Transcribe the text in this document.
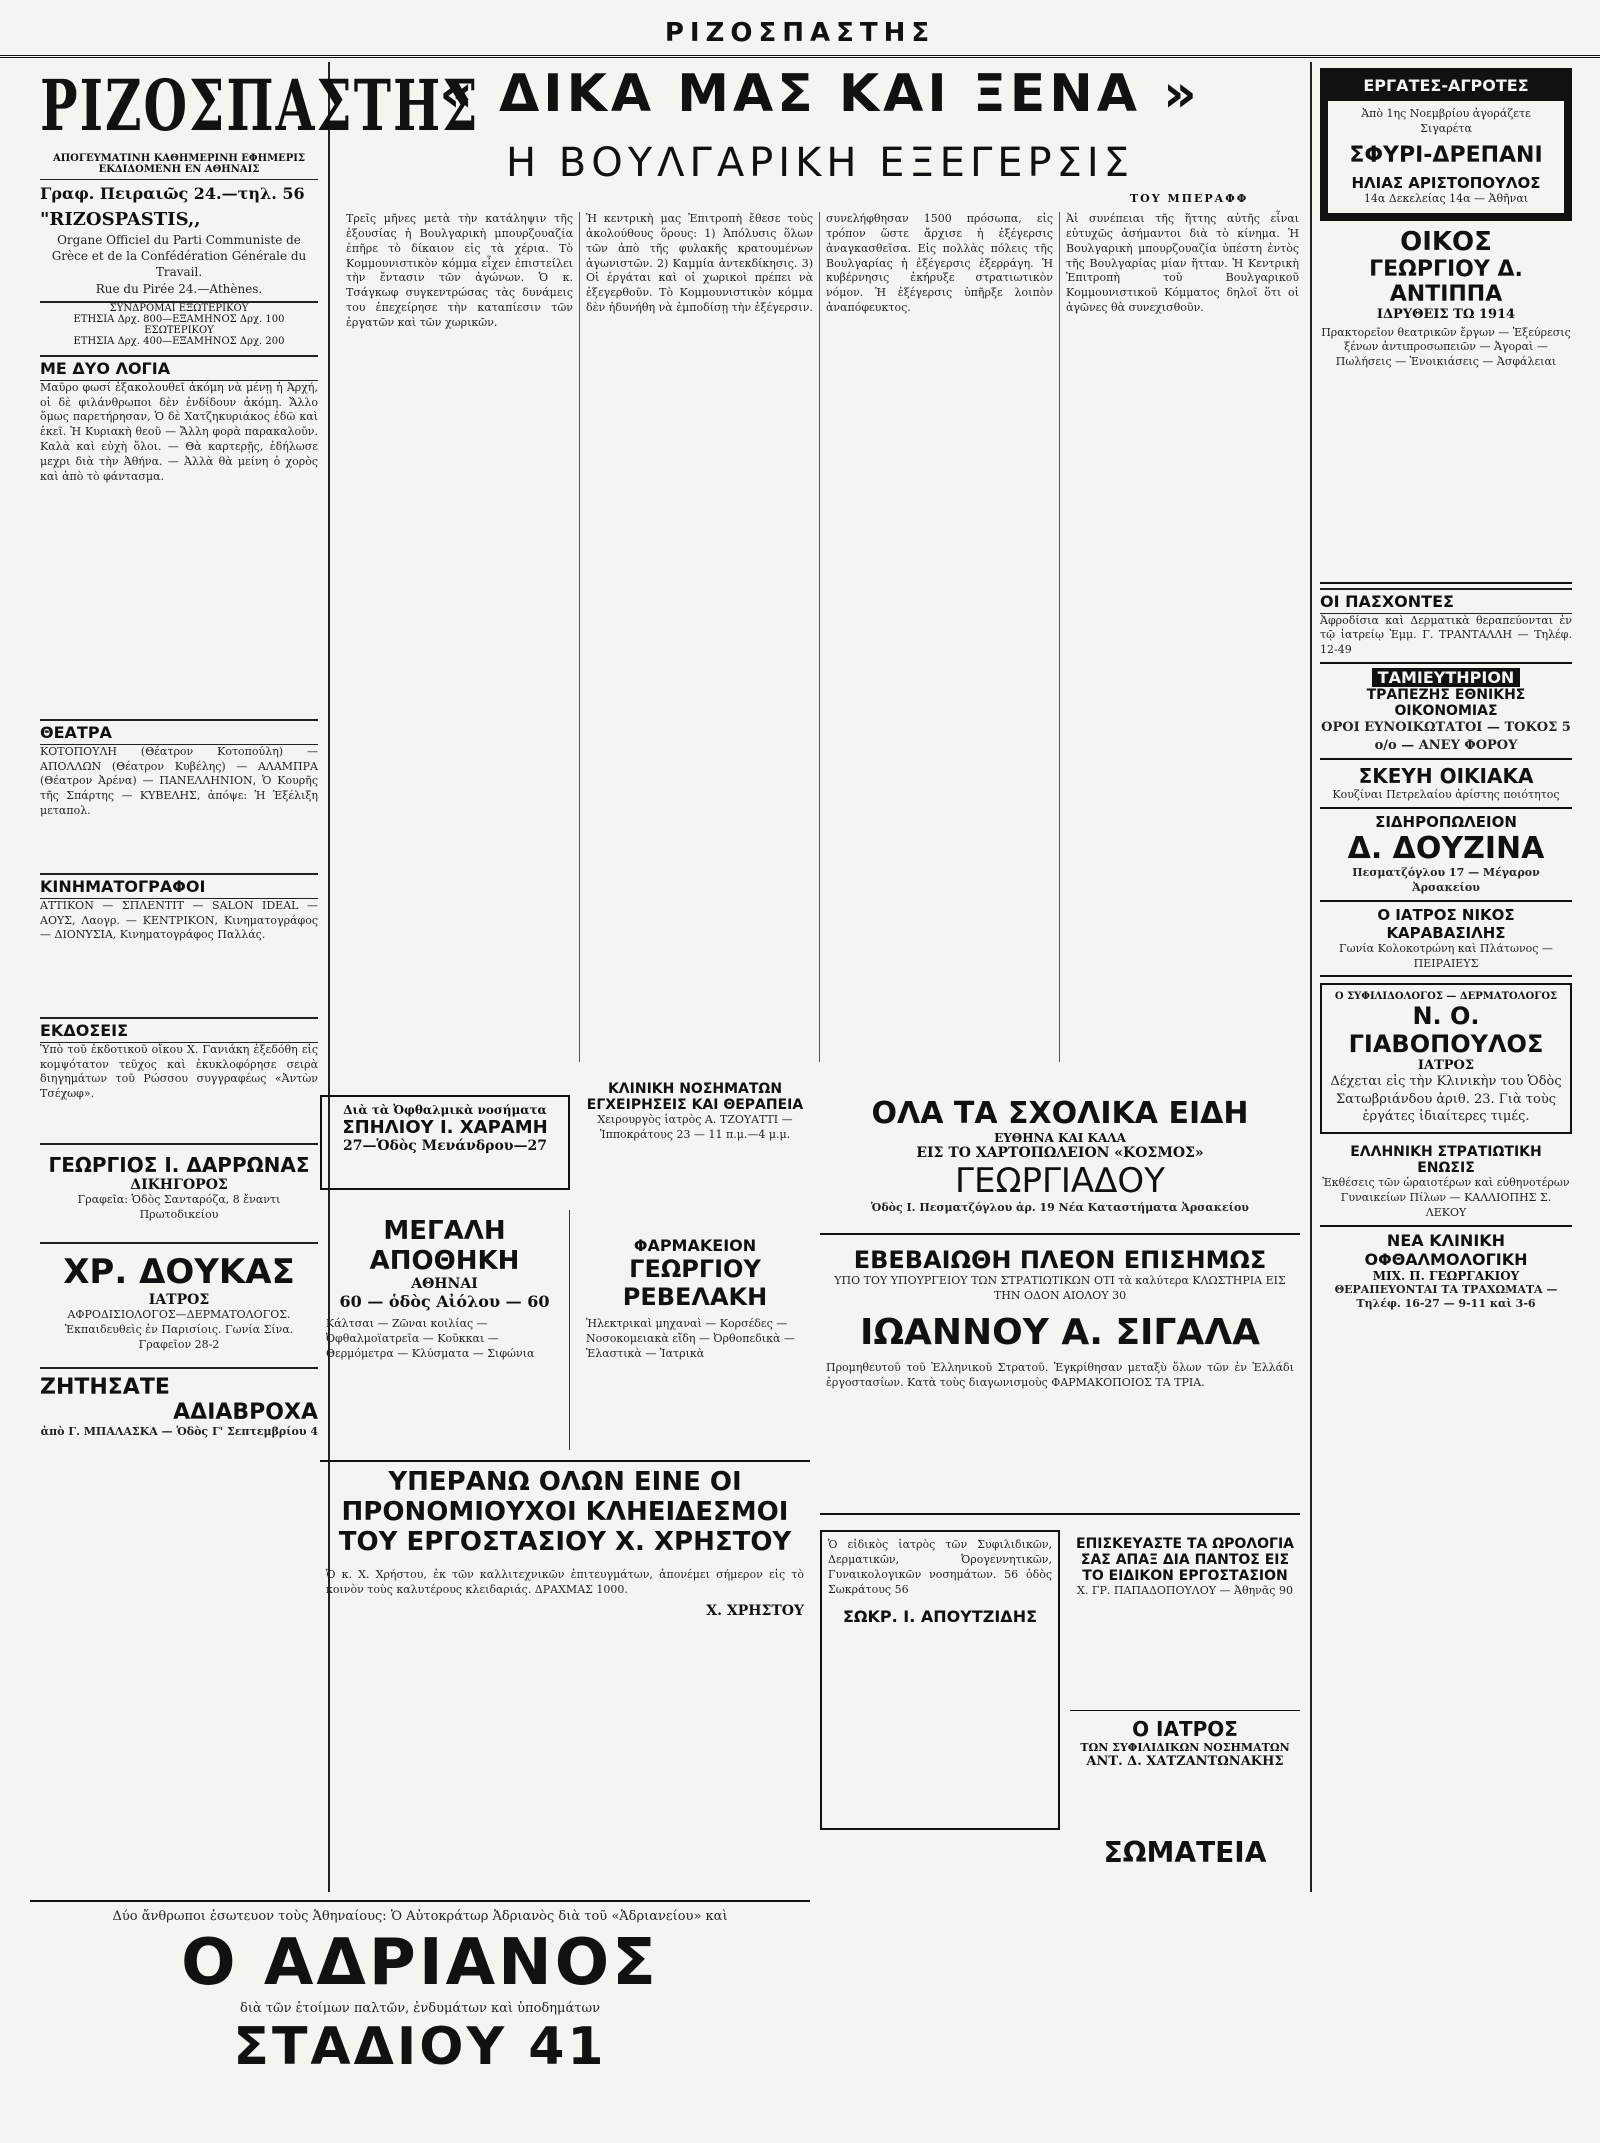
ΡΙΖΟΣΠΑΣΤΗΣ
ΡΙΖΟΣΠΑΣΤΗΣ
ΑΠΟΓΕΥΜΑΤΙΝΗ ΚΑΘΗΜΕΡΙΝΗ ΕΦΗΜΕΡΙΣ
ΕΚΔΙΔΟΜΕΝΗ ΕΝ ΑΘΗΝΑΙΣ
Γραφ. Πειραιῶς 24.—τηλ. 56
"RIZOSPASTIS,,
Organe Officiel du Parti Communiste de Grèce et de la Confédération Générale du Travail.
Rue du Pirée 24.—Athènes.
ΣΥΝΔΡΟΜΑΙ ΕΞΩΤΕΡΙΚΟΥ
ΕΤΗΣΙΑ Δρχ. 800—ΕΞΑΜΗΝΟΣ Δρχ. 100
ΕΣΩΤΕΡΙΚΟΥ
ΕΤΗΣΙΑ Δρχ. 400—ΕΞΑΜΗΝΟΣ Δρχ. 200
ΜΕ ΔΥΟ ΛΟΓΙΑ
Μαῦρο φωσί ἐξακολουθεῖ ἀκόμη νὰ μένῃ ἡ Ἀρχή, οἱ δὲ φιλάνθρωποι δὲν ἐνδίδουν ἀκόμη. Ἄλλο ὅμως παρετήρησαν, Ὁ δὲ Χατζηκυριάκος ἐδῶ καὶ ἐκεῖ. Ἡ Κυριακὴ θεοῦ — Ἄλλη φορὰ παρακαλοῦν. Καλὰ καὶ εὐχὴ ὅλοι. — Θὰ καρτερῇς, ἐδήλωσε μεχρι διὰ τὴν Ἀθήνα. — Ἀλλὰ θὰ μείνη ὁ χορὸς καὶ ἀπὸ τὸ φάντασμα.
ΘΕΑΤΡΑ
ΚΟΤΟΠΟΥΛΗ (Θέατρον Κοτοπούλη) — ΑΠΟΛΛΩΝ (Θέατρον Κυβέλης) — ΑΛΑΜΠΡΑ (Θέατρον Ἀρένα) — ΠΑΝΕΛΛΗΝΙΟΝ, Ὁ Κουρῆς τῆς Σπάρτης — ΚΥΒΕΛΗΣ, ἀπόψε: Ἡ Ἐξέλιξη μεταπολ.
ΚΙΝΗΜΑΤΟΓΡΑΦΟΙ
ΑΤΤΙΚΟΝ — ΣΠΛΕΝΤΙΤ — SALON IDEAL — ΑΟΥΣ, Λαογρ. — ΚΕΝΤΡΙΚΟΝ, Κινηματογράφος — ΔΙΟΝΥΣΙΑ, Κινηματογράφος Παλλάς.
ΕΚΔΟΣΕΙΣ
Ὑπὸ τοῦ ἐκδοτικοῦ οἴκου Χ. Γανιάκη ἐξεδόθη εἰς κομψότατον τεῦχος καὶ ἐκυκλοφόρησε σειρὰ διηγημάτων τοῦ Ρώσσου συγγραφέως «Ἀντὼν Τσέχωφ».
ΓΕΩΡΓΙΟΣ Ι. ΔΑΡΡΩΝΑΣ
ΔΙΚΗΓΟΡΟΣ
Γραφεῖα: Ὁδὸς Σανταρόζα, 8 ἔναντι Πρωτοδικείου
ΧΡ. ΔΟΥΚΑΣ
ΙΑΤΡΟΣ
ΑΦΡΟΔΙΣΙΟΛΟΓΟΣ—ΔΕΡΜΑΤΟΛΟΓΟΣ. Ἐκπαιδευθεὶς ἐν Παρισίοις. Γωνία Σίνα. Γραφεῖον 28-2
ΖΗΤΗΣΑΤΕ
ΑΔΙΑΒΡΟΧΑ
ἀπὸ Γ. ΜΠΑΛΑΣΚΑ — Ὁδὸς Γ' Σεπτεμβρίου 4
« ΔΙΚΑ ΜΑΣ ΚΑΙ ΞΕΝΑ »
Η ΒΟΥΛΓΑΡΙΚΗ ΕΞΕΓΕΡΣΙΣ
ΤΟΥ ΜΠΕΡΑΦΦ
Τρεῖς μῆνες μετὰ τὴν κατάληψιν τῆς ἐξουσίας ἡ Βουλγαρικὴ μπουρζουαζία ἐπῆρε τὸ δίκαιον εἰς τὰ χέρια. Τὸ Κομμουνιστικὸν κόμμα εἶχεν ἐπιστείλει τὴν ἔντασιν τῶν ἀγώνων. Ὁ κ. Τσάγκωφ συγκεντρώσας τὰς δυνάμεις του ἐπεχείρησε τὴν καταπίεσιν τῶν ἐργατῶν καὶ τῶν χωρικῶν.
Ἡ κεντρικὴ μας Ἐπιτροπὴ ἔθεσε τοὺς ἀκολούθους ὅρους: 1) Ἀπόλυσις ὅλων τῶν ἀπὸ τῆς φυλακῆς κρατουμένων ἀγωνιστῶν. 2) Καμμία ἀντεκδίκησις. 3) Οἱ ἐργάται καὶ οἱ χωρικοὶ πρέπει νὰ ἐξεγερθοῦν. Τὸ Κομμουνιστικὸν κόμμα δὲν ἠδυνήθη νὰ ἐμποδίσῃ τὴν ἐξέγερσιν.
συνελήφθησαν 1500 πρόσωπα, εἰς τρόπον ὥστε ἄρχισε ἡ ἐξέγερσις ἀναγκασθεῖσα. Εἰς πολλὰς πόλεις τῆς Βουλγαρίας ἡ ἐξέγερσις ἐξερράγη. Ἡ κυβέρνησις ἐκήρυξε στρατιωτικὸν νόμον. Ἡ ἐξέγερσις ὑπῆρξε λοιπὸν ἀναπόφευκτος.
Ἀἱ συνέπειαι τῆς ἥττης αὐτῆς εἶναι εὐτυχῶς ἀσήμαντοι διὰ τὸ κίνημα. Ἡ Βουλγαρικὴ μπουρζουαζία ὑπέστη ἐντὸς τῆς Βουλγαρίας μίαν ἥτταν. Ἡ Κεντρικὴ Ἐπιτροπὴ τοῦ Βουλγαρικοῦ Κομμουνιστικοῦ Κόμματος δηλοῖ ὅτι οἱ ἀγῶνες θὰ συνεχισθοῦν.
Διὰ τὰ Ὀφθαλμικὰ νοσήματα
ΣΠΗΛΙΟΥ Ι. ΧΑΡΑΜΗ
27—Ὁδὸς Μενάνδρου—27
ΚΛΙΝΙΚΗ ΝΟΣΗΜΑΤΩΝ
ΕΓΧΕΙΡΗΣΕΙΣ ΚΑΙ ΘΕΡΑΠΕΙΑ
Χειρουργὸς ἰατρὸς Α. ΤΖΟΥΑΤΤΙ — Ἰπποκράτους 23 — 11 π.μ.—4 μ.μ.
ΜΕΓΑΛΗ ΑΠΟΘΗΚΗ
ΑΘΗΝΑΙ
60 — ὁδὸς Αἰόλου — 60
Κάλτσαι — Ζῶναι κοιλίας — Ὀφθαλμοϊατρεῖα — Κοῦκκαι — Θερμόμετρα — Κλύσματα — Σιφώνια
ΦΑΡΜΑΚΕΙΟΝ
ΓΕΩΡΓΙΟΥ ΡΕΒΕΛΑΚΗ
Ἠλεκτρικαὶ μηχαναὶ — Κορσέδες — Νοσοκομειακὰ εἴδη — Ὀρθοπεδικὰ — Ἑλαστικὰ — Ἰατρικὰ
ΟΛΑ ΤΑ ΣΧΟΛΙΚΑ ΕΙΔΗ
ΕΥΘΗΝΑ ΚΑΙ ΚΑΛΑ
ΕΙΣ ΤΟ ΧΑΡΤΟΠΩΛΕΙΟΝ «ΚΟΣΜΟΣ»
ΓΕΩΡΓΙΑΔΟΥ
Ὁδὸς Ι. Πεσματζόγλου ἀρ. 19 Νέα Καταστήματα Ἀρσακείου
ΕΒΕΒΑΙΩΘΗ ΠΛΕΟΝ ΕΠΙΣΗΜΩΣ
ΥΠΟ ΤΟΥ ΥΠΟΥΡΓΕΙΟΥ ΤΩΝ ΣΤΡΑΤΙΩΤΙΚΩΝ ΟΤΙ τὰ καλύτερα ΚΛΩΣΤΗΡΙΑ ΕΙΣ ΤΗΝ ΟΔΟΝ ΑΙΟΛΟΥ 30
ΙΩΑΝΝΟΥ Α. ΣΙΓΑΛΑ
Προμηθευτοῦ τοῦ Ἑλληνικοῦ Στρατοῦ. Ἐγκρίθησαν μεταξὺ ὅλων τῶν ἐν Ἑλλάδι ἐργοστασίων. Κατὰ τοὺς διαγωνισμοὺς ΦΑΡΜΑΚΟΠΟΙΟΣ ΤΑ ΤΡΙΑ.
ΥΠΕΡΑΝΩ ΟΛΩΝ ΕΙΝΕ ΟΙ ΠΡΟΝΟΜΙΟΥΧΟΙ ΚΛΗΕΙΔΕΣΜΟΙ ΤΟΥ ΕΡΓΟΣΤΑΣΙΟΥ Χ. ΧΡΗΣΤΟΥ
Ὁ κ. Χ. Χρήστου, ἐκ τῶν καλλιτεχνικῶν ἐπιτευγμάτων, ἀπονέμει σήμερον εἰς τὸ κοινὸν τοὺς καλυτέρους κλειδαριάς. ΔΡΑΧΜΑΣ 1000.
Χ. ΧΡΗΣΤΟΥ
Ὁ εἰδικὸς ἰατρὸς τῶν Συφιλιδικῶν, Δερματικῶν, Ὀρογεννητικῶν, Γυναικολογικῶν νοσημάτων. 56 ὁδὸς Σωκράτους 56
ΣΩΚΡ. Ι. ΑΠΟΥΤΖΙΔΗΣ
ΕΠΙΣΚΕΥΑΣΤΕ ΤΑ ΩΡΟΛΟΓΙΑ ΣΑΣ ΑΠΑΞ ΔΙΑ ΠΑΝΤΟΣ ΕΙΣ ΤΟ ΕΙΔΙΚΟΝ ΕΡΓΟΣΤΑΣΙΟΝ
Χ. ΓΡ. ΠΑΠΑΔΟΠΟΥΛΟΥ — Ἀθηνᾶς 90
Ο ΙΑΤΡΟΣ
ΤΩΝ ΣΥΦΙΛΙΔΙΚΩΝ ΝΟΣΗΜΑΤΩΝ
ΑΝΤ. Δ. ΧΑΤΖΑΝΤΩΝΑΚΗΣ
ΣΩΜΑΤΕΙΑ
Δύο ἄνθρωποι ἐσωτευον τοὺς Ἀθηναίους: Ὁ Αὐτοκράτωρ Ἀδριανὸς διὰ τοῦ «Ἀδριανείου» καὶ
Ο ΑΔΡΙΑΝΟΣ
διὰ τῶν ἑτοίμων παλτῶν, ἐνδυμάτων καὶ ὑποδημάτων
ΣΤΑΔΙΟΥ 41
ΕΡΓΑΤΕΣ-ΑΓΡΟΤΕΣ
Ἀπὸ 1ης Νοεμβρίου ἀγοράζετε Σιγαρέτα
ΣΦΥΡΙ-ΔΡΕΠΑΝΙ
ΗΛΙΑΣ ΑΡΙΣΤΟΠΟΥΛΟΣ
14α Δεκελείας 14α — Ἀθῆναι
ΟΙΚΟΣ
ΓΕΩΡΓΙΟΥ Δ. ΑΝΤΙΠΠΑ
ΙΔΡΥΘΕΙΣ ΤΩ 1914
Πρακτορεῖον θεατρικῶν ἔργων — Ἐξεύρεσις ξένων ἀντιπροσωπειῶν — Ἀγοραὶ — Πωλήσεις — Ἐνοικιάσεις — Ἀσφάλειαι
ΟΙ ΠΑΣΧΟΝΤΕΣ
Ἀφροδίσια καὶ Δερματικὰ θεραπεύονται ἐν τῷ ἰατρείῳ Ἐμμ. Γ. ΤΡΑΝΤΑΛΛΗ — Τηλέφ. 12-49
ΤΑΜΙΕΥΤΗΡΙΟΝ
ΤΡΑΠΕΖΗΣ ΕΘΝΙΚΗΣ ΟΙΚΟΝΟΜΙΑΣ
ΟΡΟΙ ΕΥΝΟΙΚΩΤΑΤΟΙ — ΤΟΚΟΣ 5 ο/ο — ΑΝΕΥ ΦΟΡΟΥ
ΣΚΕΥΗ ΟΙΚΙΑΚΑ
Κουζίναι Πετρελαίου ἀρίστης ποιότητος
ΣΙΔΗΡΟΠΩΛΕΙΟΝ
Δ. ΔΟΥΖΙΝΑ
Πεσματζόγλου 17 — Μέγαρον Ἀρσακείου
Ο ΙΑΤΡΟΣ ΝΙΚΟΣ ΚΑΡΑΒΑΣΙΛΗΣ
Γωνία Κολοκοτρώνη καὶ Πλάτωνος — ΠΕΙΡΑΙΕΥΣ
Ο ΣΥΦΙΛΙΔΟΛΟΓΟΣ — ΔΕΡΜΑΤΟΛΟΓΟΣ
Ν. Ο. ΓΙΑΒΟΠΟΥΛΟΣ
ΙΑΤΡΟΣ
Δέχεται εἰς τὴν Κλινικὴν του Ὁδὸς Σατωβριάνδου ἀριθ. 23. Γιὰ τοὺς ἐργάτες ἰδιαίτερες τιμές.
ΕΛΛΗΝΙΚΗ ΣΤΡΑΤΙΩΤΙΚΗ ΕΝΩΣΙΣ
Ἐκθέσεις τῶν ὡραιοτέρων καὶ εὐθηνοτέρων Γυναικείων Πίλων — ΚΑΛΛΙΟΠΗΣ Σ. ΛΕΚΟΥ
ΝΕΑ ΚΛΙΝΙΚΗ ΟΦΘΑΛΜΟΛΟΓΙΚΗ
ΜΙΧ. Π. ΓΕΩΡΓΑΚΙΟΥ
ΘΕΡΑΠΕΥΟΝΤΑΙ ΤΑ ΤΡΑΧΩΜΑΤΑ — Τηλέφ. 16-27 — 9-11 καὶ 3-6
